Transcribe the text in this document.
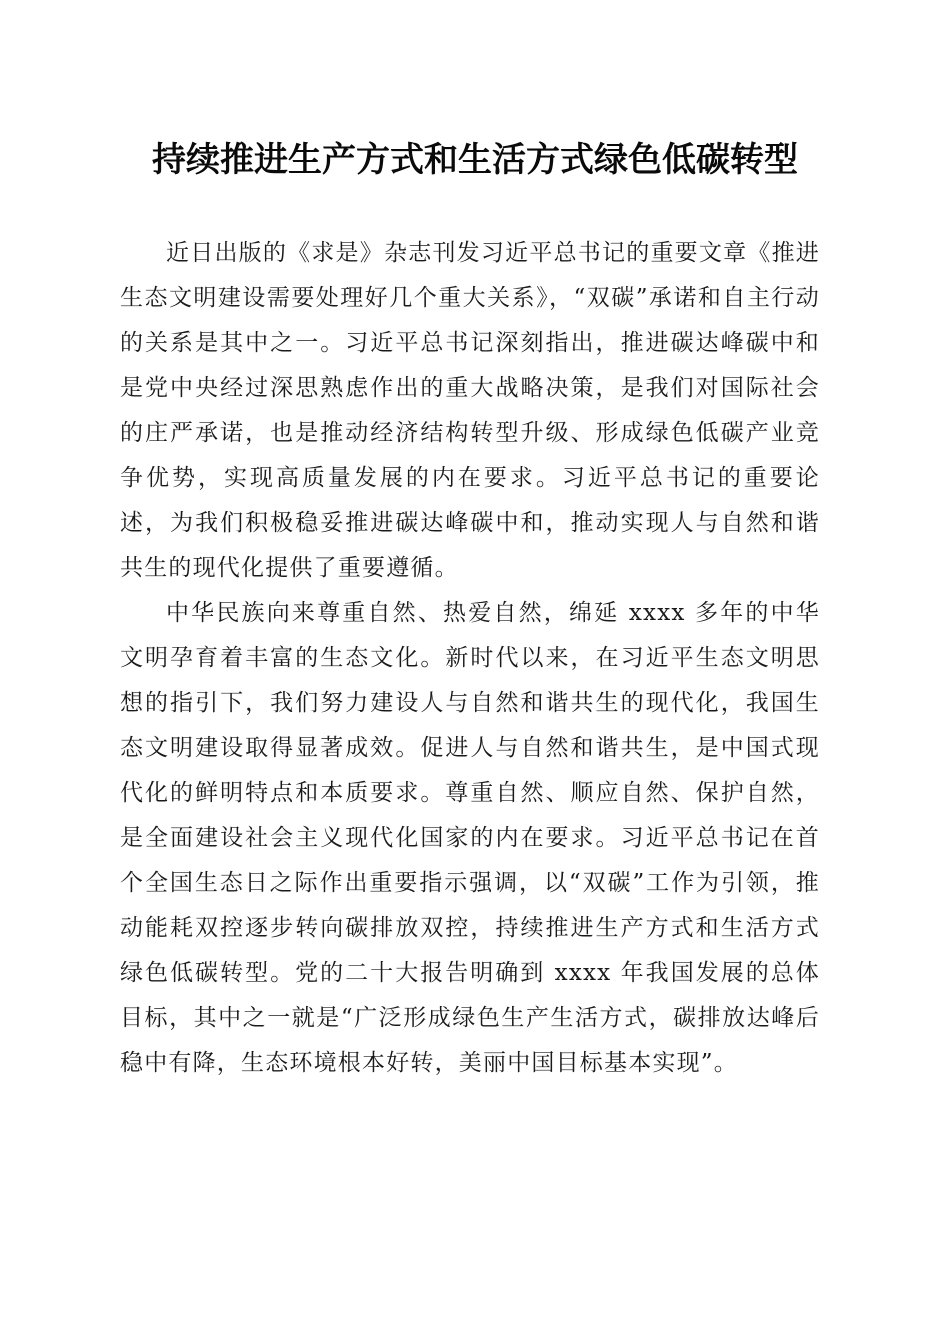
持续推进生产方式和生活方式绿色低碳转型

近日出版的《求是》杂志刊发习近平总书记的重要文章《推进生态文明建设需要处理好几个重大关系》，“双碳”承诺和自主行动的关系是其中之一。习近平总书记深刻指出，推进碳达峰碳中和是党中央经过深思熟虑作出的重大战略决策，是我们对国际社会的庄严承诺，也是推动经济结构转型升级、形成绿色低碳产业竞争优势，实现高质量发展的内在要求。习近平总书记的重要论述，为我们积极稳妥推进碳达峰碳中和，推动实现人与自然和谐共生的现代化提供了重要遵循。

中华民族向来尊重自然、热爱自然，绵延 xxxx 多年的中华文明孕育着丰富的生态文化。新时代以来，在习近平生态文明思想的指引下，我们努力建设人与自然和谐共生的现代化，我国生态文明建设取得显著成效。促进人与自然和谐共生，是中国式现代化的鲜明特点和本质要求。尊重自然、顺应自然、保护自然，是全面建设社会主义现代化国家的内在要求。习近平总书记在首个全国生态日之际作出重要指示强调，以“双碳”工作为引领，推动能耗双控逐步转向碳排放双控，持续推进生产方式和生活方式绿色低碳转型。党的二十大报告明确到 xxxx 年我国发展的总体目标，其中之一就是“广泛形成绿色生产生活方式，碳排放达峰后稳中有降，生态环境根本好转，美丽中国目标基本实现”。
